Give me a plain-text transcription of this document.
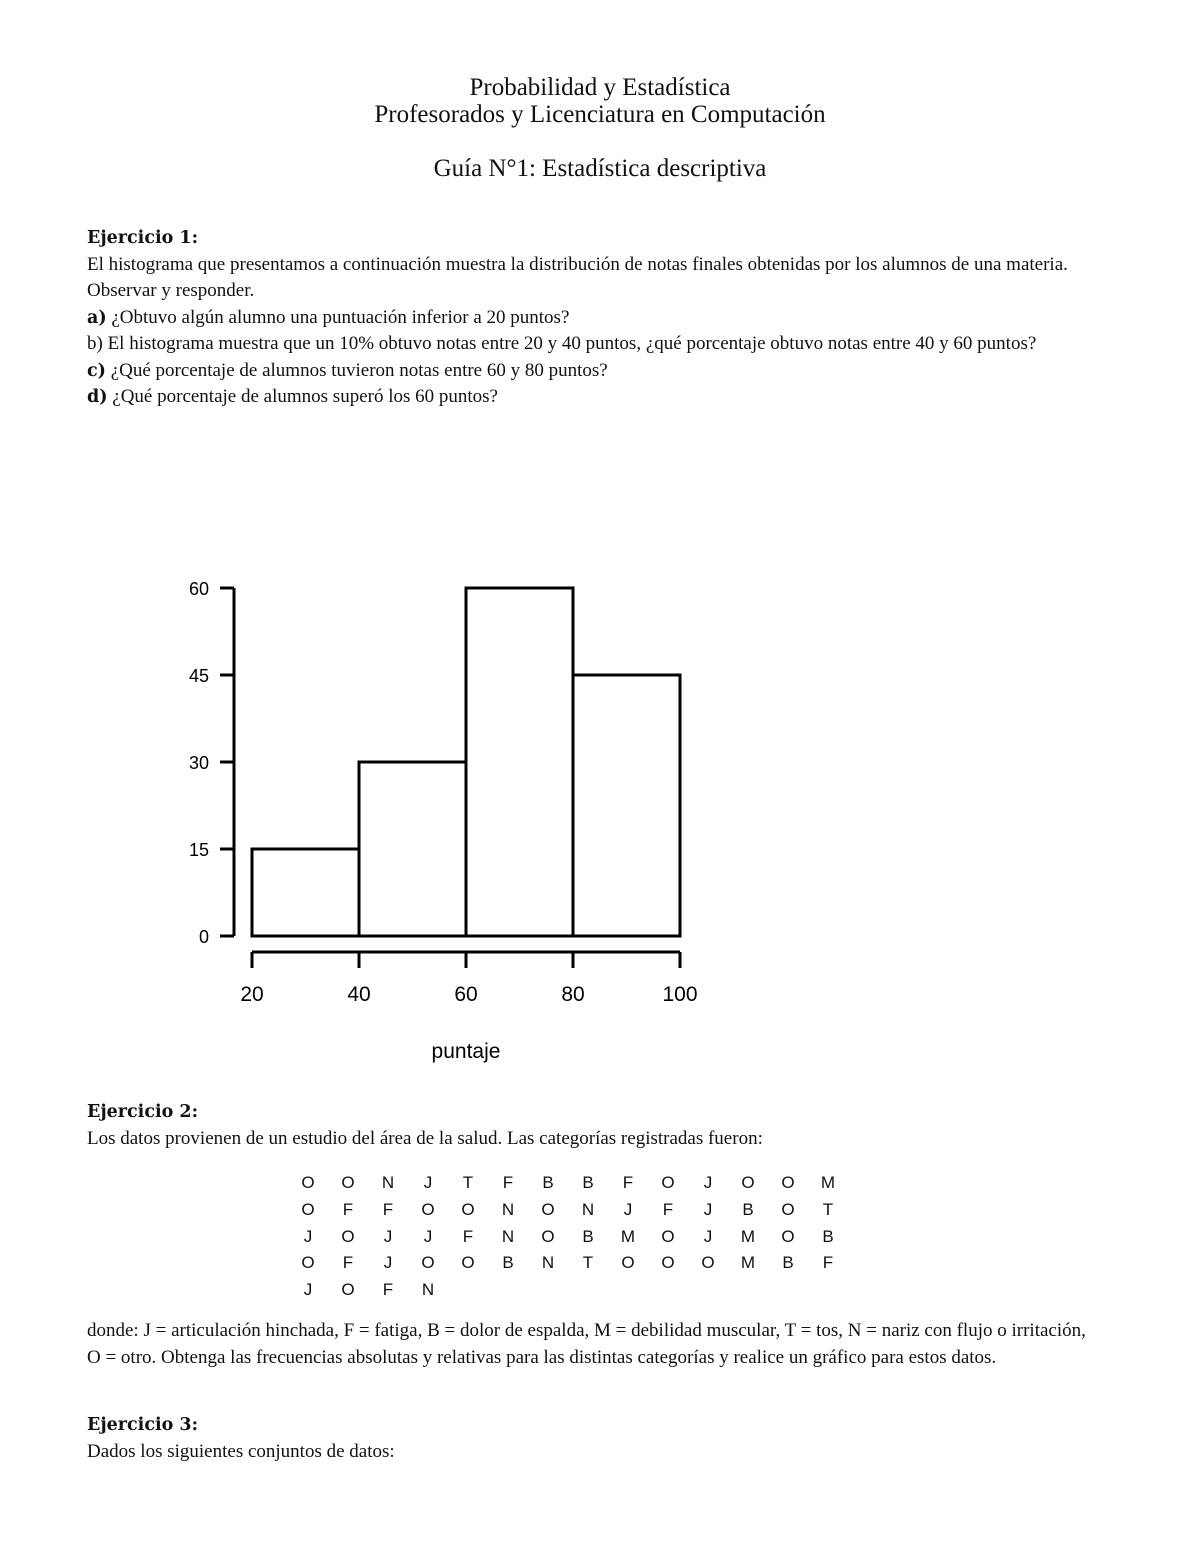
Probabilidad y Estadística
Profesorados y Licenciatura en Computación
Guía N°1: Estadística descriptiva

Ejercicio 1:

El histograma que presentamos a continuación muestra la distribución de notas finales obtenidas por los alumnos de una materia. Observar y responder.

a) ¿Obtuvo algún alumno una puntuación inferior a 20 puntos?

b) El histograma muestra que un 10% obtuvo notas entre 20 y 40 puntos, ¿qué porcentaje obtuvo notas entre 40 y 60 puntos?

c) ¿Qué porcentaje de alumnos tuvieron notas entre 60 y 80 puntos?

d) ¿Qué porcentaje de alumnos superó los 60 puntos?

0
15
30
45
60
20	40	60	80	100
puntaje

Ejercicio 2:

Los datos provienen de un estudio del área de la salud. Las categorías registradas fueron:

O	O	N	J	T	F	B	B	F	O	J	O	O	M
O	F	F	O	O	N	O	N	J	F	J	B	O	T
J	O	J	J	F	N	O	B	M	O	J	M	O	B
O	F	J	O	O	B	N	T	O	O	O	M	B	F
J	O	F	N										
donde: J = articulación hinchada, F = fatiga, B = dolor de espalda, M = debilidad muscular, T = tos, N = nariz con flujo o irritación, O = otro. Obtenga las frecuencias absolutas y relativas para las distintas categorías y realice un gráfico para estos datos.

Ejercicio 3:

Dados los siguientes conjuntos de datos:
